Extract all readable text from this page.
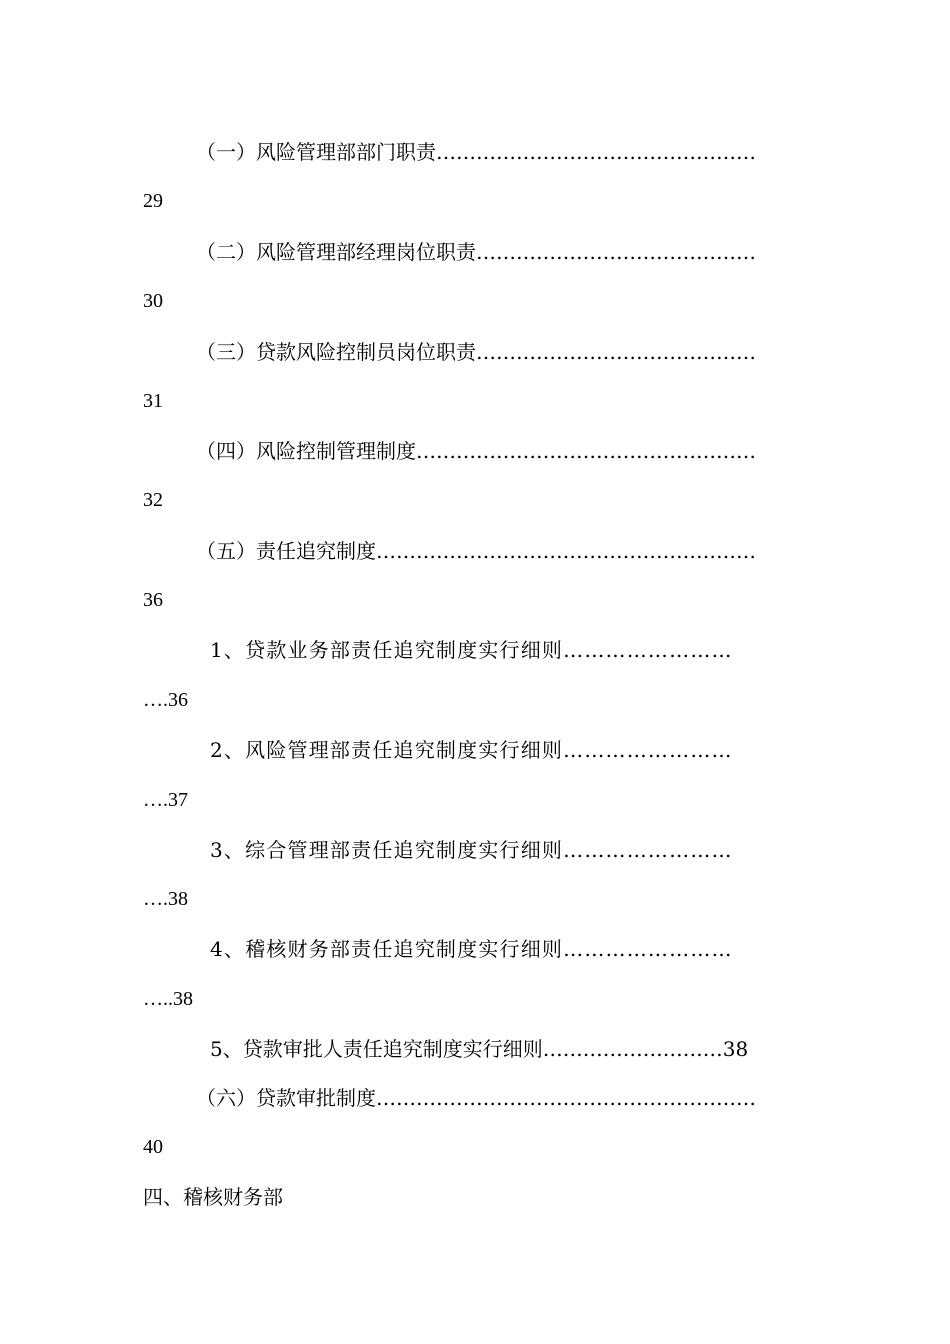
（一）风险管理部部门职责…………………………………………
29
（二）风险管理部经理岗位职责……………………………………
30
（三）贷款风险控制员岗位职责……………………………………
31
（四）风险控制管理制度……………………………………………
32
（五）责任追究制度…………………………………………………
36
1、贷款业务部责任追究制度实行细则……………………
….36
2、风险管理部责任追究制度实行细则……………………
….37
3、综合管理部责任追究制度实行细则……………………
….38
4、稽核财务部责任追究制度实行细则……………………
…..38
5、贷款审批人责任追究制度实行细则………………………38
（六）贷款审批制度…………………………………………………
40
四、稽核财务部
